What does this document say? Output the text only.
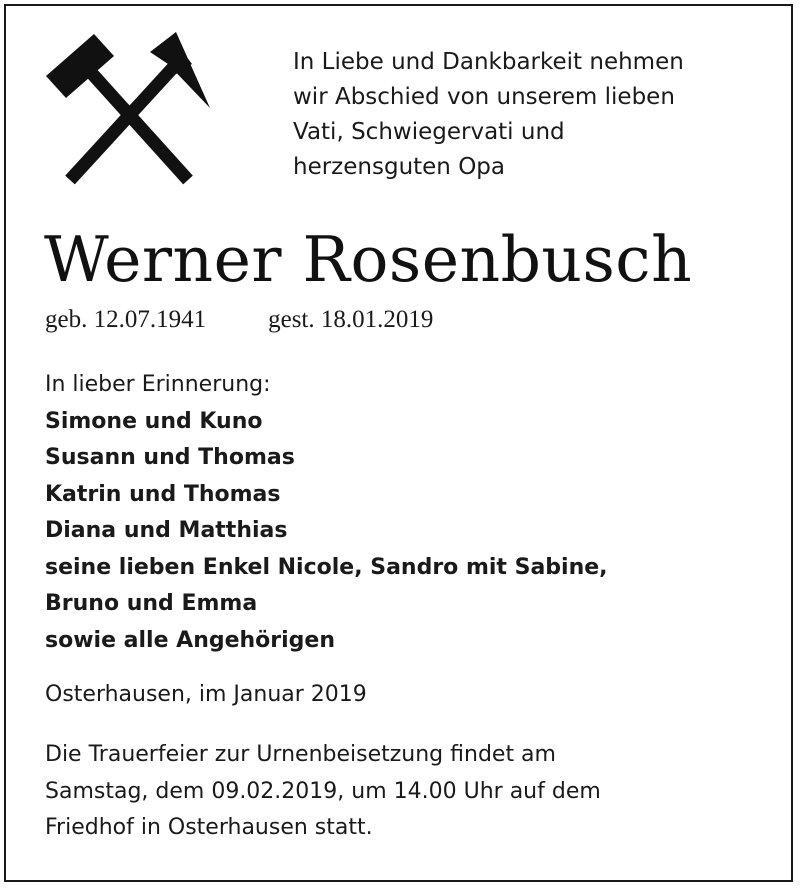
In Liebe und Dankbarkeit nehmen
wir Abschied von unserem lieben
Vati, Schwiegervati und
herzensguten Opa

Werner Rosenbusch
geb. 12.07.1941 gest. 18.01.2019
In lieber Erinnerung:
Simone und Kuno
Susann und Thomas
Katrin und Thomas
Diana und Matthias
seine lieben Enkel Nicole, Sandro mit Sabine,
Bruno und Emma
sowie alle Angehörigen
Osterhausen, im Januar 2019
Die Trauerfeier zur Urnenbeisetzung findet am
Samstag, dem 09.02.2019, um 14.00 Uhr auf dem
Friedhof in Osterhausen statt.
